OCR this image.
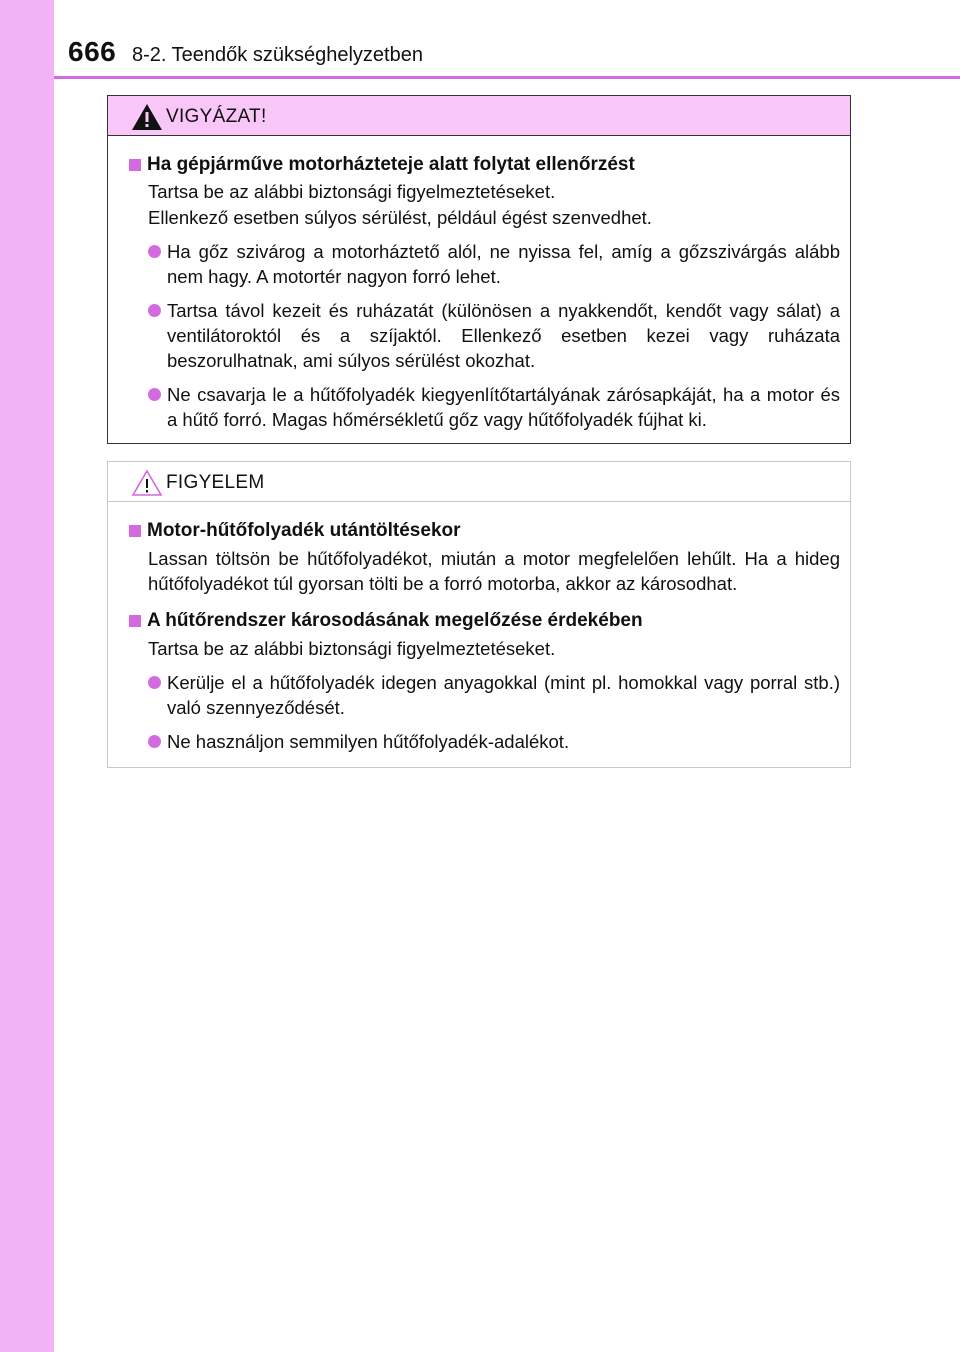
666 8-2. Teendők szükséghelyzetben
VIGYÁZAT!
Ha gépjárműve motorházteteje alatt folytat ellenőrzést
Tartsa be az alábbi biztonsági figyelmeztetéseket.
Ellenkező esetben súlyos sérülést, például égést szenvedhet.
Ha gőz szivárog a motorháztető alól, ne nyissa fel, amíg a gőzszivárgás alább nem hagy. A motortér nagyon forró lehet.
Tartsa távol kezeit és ruházatát (különösen a nyakkendőt, kendőt vagy sálat) a ventilátoroktól és a szíjaktól. Ellenkező esetben kezei vagy ruházata beszorulhatnak, ami súlyos sérülést okozhat.
Ne csavarja le a hűtőfolyadék kiegyenlítőtartályának zárósapkáját, ha a motor és a hűtő forró. Magas hőmérsékletű gőz vagy hűtőfolyadék fújhat ki.
FIGYELEM
Motor-hűtőfolyadék utántöltésekor
Lassan töltsön be hűtőfolyadékot, miután a motor megfelelően lehűlt. Ha a hideg hűtőfolyadékot túl gyorsan tölti be a forró motorba, akkor az károsodhat.
A hűtőrendszer károsodásának megelőzése érdekében
Tartsa be az alábbi biztonsági figyelmeztetéseket.
Kerülje el a hűtőfolyadék idegen anyagokkal (mint pl. homokkal vagy porral stb.) való szennyeződését.
Ne használjon semmilyen hűtőfolyadék-adalékot.
